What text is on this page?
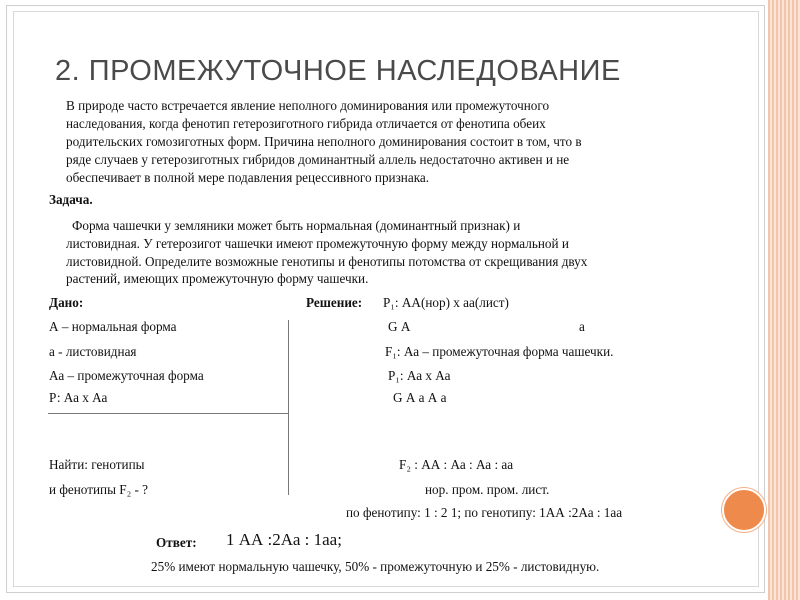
2. ПРОМЕЖУТОЧНОЕ НАСЛЕДОВАНИЕ
В природе часто встречается явление неполного доминирования или промежуточного
наследования, когда фенотип гетерозиготного гибрида отличается от фенотипа обеих
родительских гомозиготных форм. Причина неполного доминирования состоит в том, что в
ряде случаев у гетерозиготных гибридов доминантный аллель недостаточно активен и не
обеспечивает в полной мере подавления рецессивного признака.
Задача.
Форма чашечки у земляники может быть нормальная (доминантный признак) и
листовидная. У гетерозигот чашечки имеют промежуточную форму между нормальной и
листовидной. Определите возможные генотипы и фенотипы потомства от скрещивания двух
растений, имеющих промежуточную форму чашечки.
Дано:
А – нормальная форма
а - листовидная
Аа – промежуточная форма
Р: Аа х Аа
Найти: генотипы
и фенотипы F₂ - ?
Решение: Р₁: АА(нор) х аа(лист)
G А	а
F₁: Аа – промежуточная форма чашечки.
Р₁: Аа х Аа
G А а А а
F₂ : АА : Аа : Аа : аа
нор. пром. пром. лист.
по фенотипу: 1 : 2 1; по генотипу: 1АА :2Аа : 1аа
Ответ: 1 АА :2Аа : 1аа;
25% имеют нормальную чашечку, 50% - промежуточную и 25% - листовидную.
